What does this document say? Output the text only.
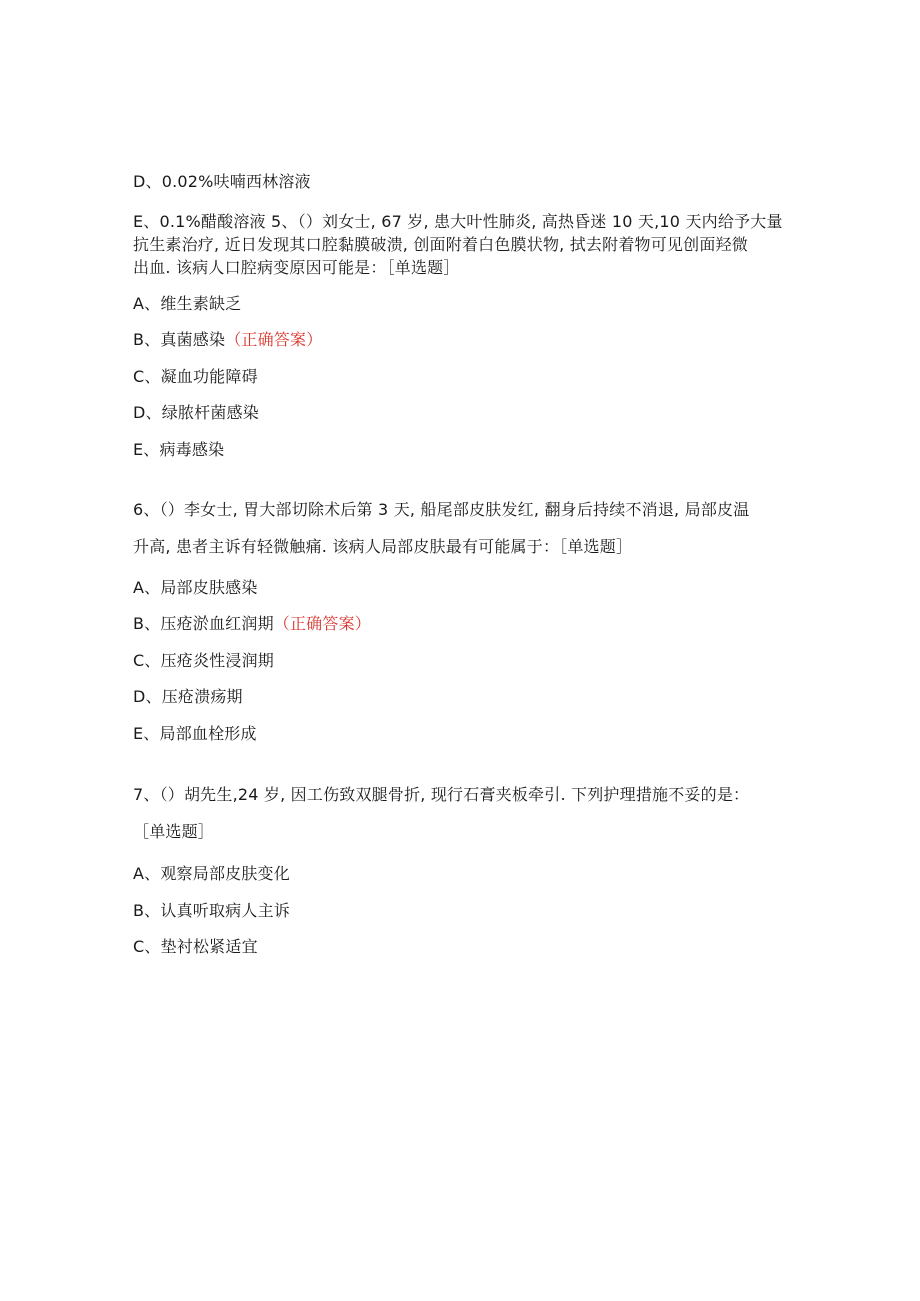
D、0.02%呋喃西林溶液
E、0.1%醋酸溶液 5、（）刘女士, 67 岁, 患大叶性肺炎, 高热昏迷 10 天,10 天内给予大量
抗生素治疗, 近日发现其口腔黏膜破溃, 创面附着白色膜状物, 拭去附着物可见创面羟微
出血. 该病人口腔病变原因可能是：［单选题］
A、维生素缺乏
B、真菌感染（正确答案）
C、凝血功能障碍
D、绿脓杆菌感染
E、病毒感染
6、（）李女士, 胃大部切除术后第 3 天, 船尾部皮肤发红, 翻身后持续不消退, 局部皮温
升高, 患者主诉有轻微触痛. 该病人局部皮肤最有可能属于：［单选题］
A、局部皮肤感染
B、压疮淤血红润期（正确答案）
C、压疮炎性浸润期
D、压疮溃疡期
E、局部血栓形成
7、（）胡先生,24 岁, 因工伤致双腿骨折, 现行石膏夹板牵引. 下列护理措施不妥的是：
［单选题］
A、观察局部皮肤变化
B、认真听取病人主诉
C、垫衬松紧适宜
